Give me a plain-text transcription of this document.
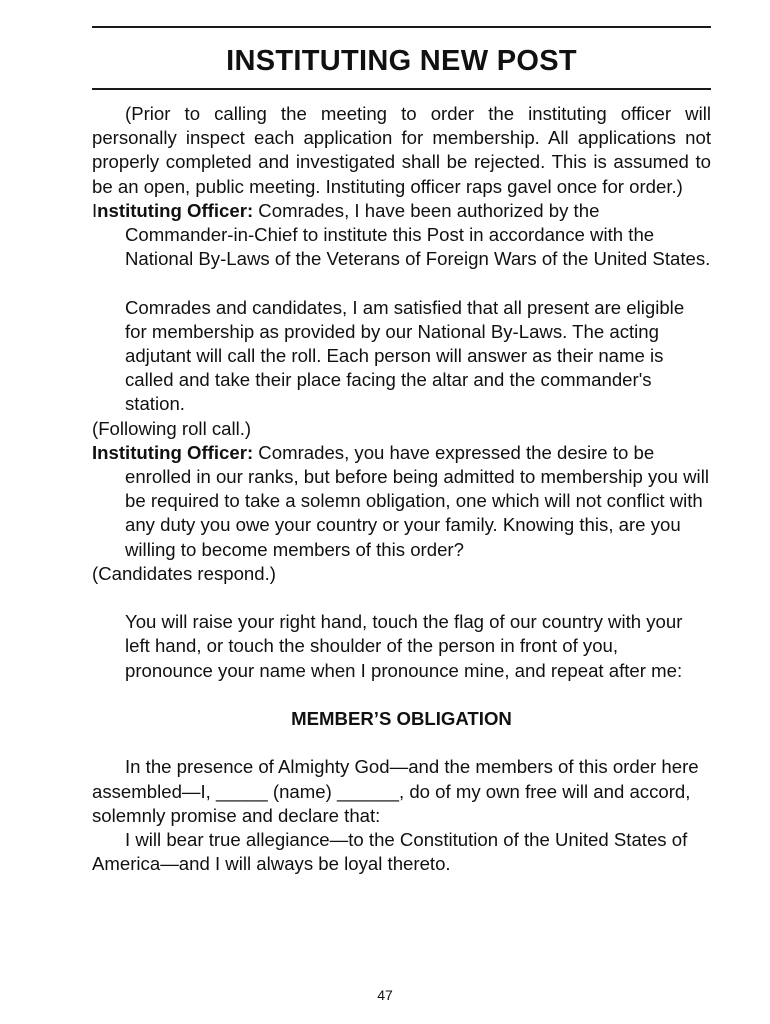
INSTITUTING NEW POST

(Prior to calling the meeting to order the instituting officer will personally inspect each application for membership. All applications not properly completed and investigated shall be rejected. This is assumed to be an open, public meeting. Instituting officer raps gavel once for order.)

Instituting Officer: Comrades, I have been authorized by the Commander-in-Chief to institute this Post in accordance with the National By-Laws of the Veterans of Foreign Wars of the United States.

Comrades and candidates, I am satisfied that all present are eligible for membership as provided by our National By-Laws. The acting adjutant will call the roll. Each person will answer as their name is called and take their place facing the altar and the commander's station.

(Following roll call.)

Instituting Officer: Comrades, you have expressed the desire to be enrolled in our ranks, but before being admitted to membership you will be required to take a solemn obligation, one which will not conflict with any duty you owe your country or your family. Knowing this, are you willing to become members of this order?

(Candidates respond.)

You will raise your right hand, touch the flag of our country with your left hand, or touch the shoulder of the person in front of you, pronounce your name when I pronounce mine, and repeat after me:

MEMBER’S OBLIGATION

In the presence of Almighty God—and the members of this order here assembled—I, _____ (name) ______, do of my own free will and accord, solemnly promise and declare that:

I will bear true allegiance—to the Constitution of the United States of America—and I will always be loyal thereto.

47
